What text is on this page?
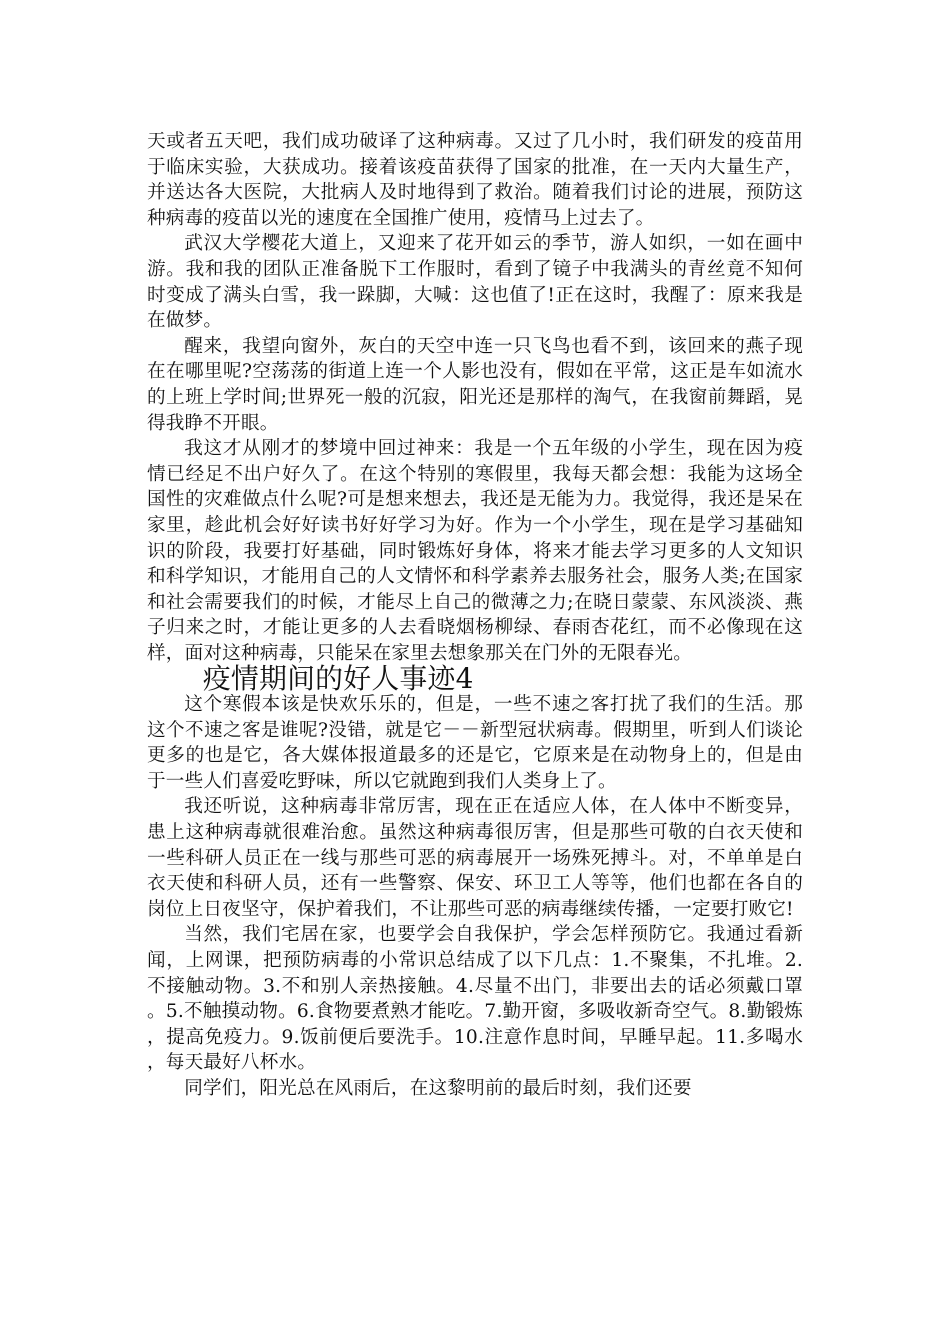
天或者五天吧，我们成功破译了这种病毒。又过了几小时，我们研发的疫苗用于临床实验，大获成功。接着该疫苗获得了国家的批准，在一天内大量生产，并送达各大医院，大批病人及时地得到了救治。随着我们讨论的进展，预防这种病毒的疫苗以光的速度在全国推广使用，疫情马上过去了。

武汉大学樱花大道上，又迎来了花开如云的季节，游人如织，一如在画中游。我和我的团队正准备脱下工作服时，看到了镜子中我满头的青丝竟不知何时变成了满头白雪，我一跺脚，大喊：这也值了!正在这时，我醒了：原来我是在做梦。

醒来，我望向窗外，灰白的天空中连一只飞鸟也看不到，该回来的燕子现在在哪里呢?空荡荡的街道上连一个人影也没有，假如在平常，这正是车如流水的上班上学时间;世界死一般的沉寂，阳光还是那样的淘气，在我窗前舞蹈，晃得我睁不开眼。

我这才从刚才的梦境中回过神来：我是一个五年级的小学生，现在因为疫情已经足不出户好久了。在这个特别的寒假里，我每天都会想：我能为这场全国性的灾难做点什么呢?可是想来想去，我还是无能为力。我觉得，我还是呆在家里，趁此机会好好读书好好学习为好。作为一个小学生，现在是学习基础知识的阶段，我要打好基础，同时锻炼好身体，将来才能去学习更多的人文知识和科学知识，才能用自己的人文情怀和科学素养去服务社会，服务人类;在国家和社会需要我们的时候，才能尽上自己的微薄之力;在晓日蒙蒙、东风淡淡、燕子归来之时，才能让更多的人去看晓烟杨柳绿、春雨杏花红，而不必像现在这样，面对这种病毒，只能呆在家里去想象那关在门外的无限春光。

疫情期间的好人事迹4

这个寒假本该是快欢乐乐的，但是，一些不速之客打扰了我们的生活。那这个不速之客是谁呢?没错，就是它－－新型冠状病毒。假期里，听到人们谈论更多的也是它，各大媒体报道最多的还是它，它原来是在动物身上的，但是由于一些人们喜爱吃野味，所以它就跑到我们人类身上了。

我还听说，这种病毒非常厉害，现在正在适应人体，在人体中不断变异，患上这种病毒就很难治愈。虽然这种病毒很厉害，但是那些可敬的白衣天使和一些科研人员正在一线与那些可恶的病毒展开一场殊死搏斗。对，不单单是白衣天使和科研人员，还有一些警察、保安、环卫工人等等，他们也都在各自的岗位上日夜坚守，保护着我们，不让那些可恶的病毒继续传播，一定要打败它!

当然，我们宅居在家，也要学会自我保护，学会怎样预防它。我通过看新闻，上网课，把预防病毒的小常识总结成了以下几点：1.不聚集，不扎堆。2.不接触动物。3.不和别人亲热接触。4.尽量不出门，非要出去的话必须戴口罩。5.不触摸动物。6.食物要煮熟才能吃。7.勤开窗，多吸收新奇空气。8.勤锻炼，提高免疫力。9.饭前便后要洗手。10.注意作息时间，早睡早起。11.多喝水，每天最好八杯水。

同学们，阳光总在风雨后，在这黎明前的最后时刻，我们还要
